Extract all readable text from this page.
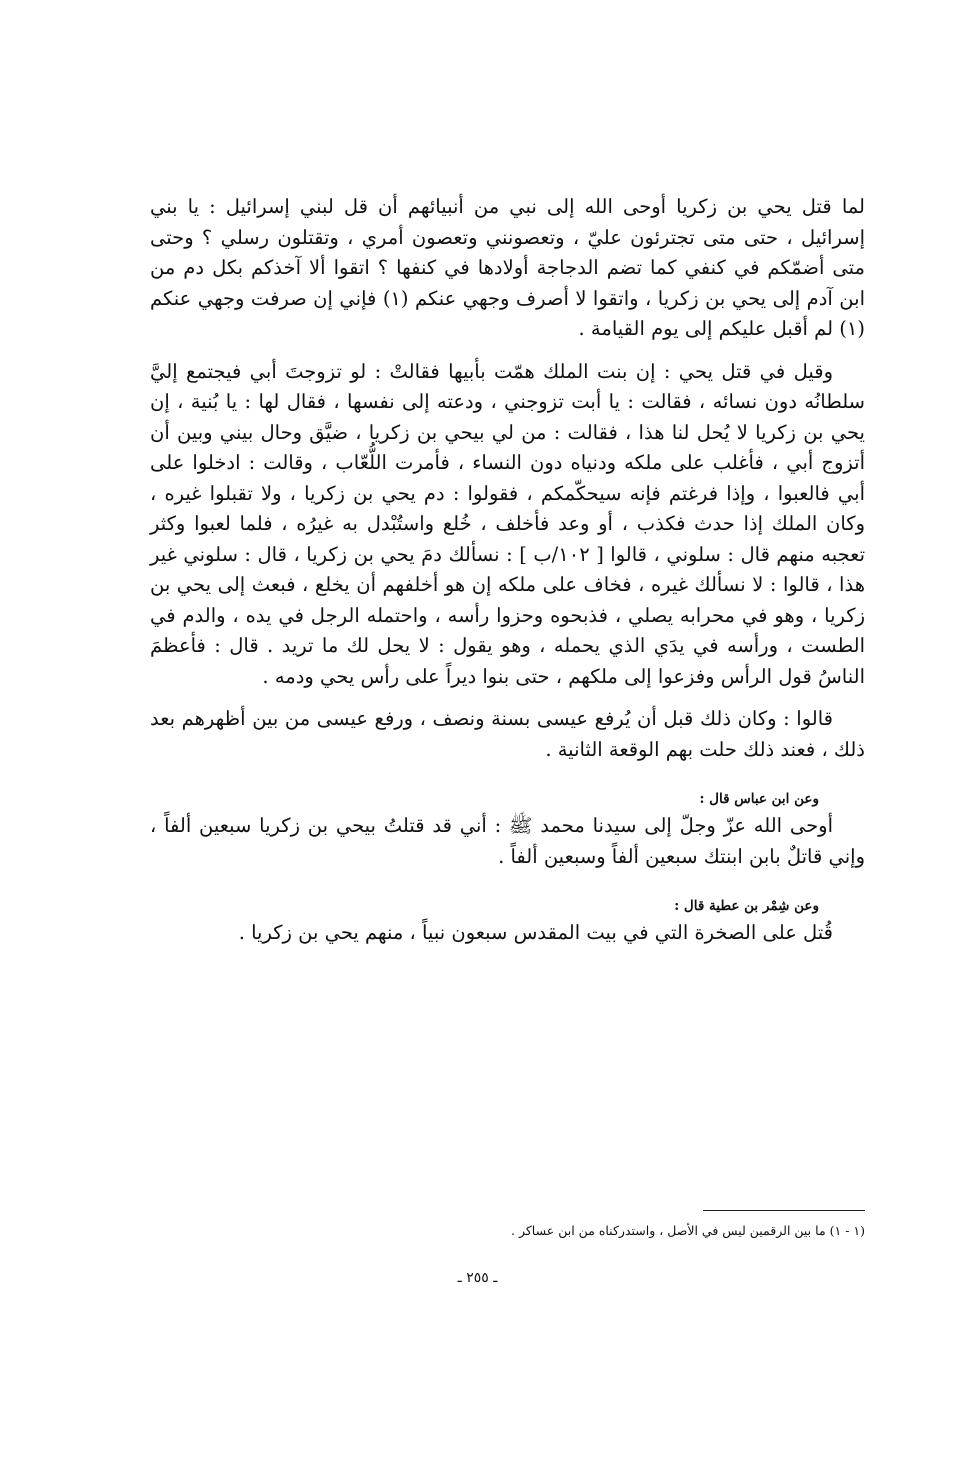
لما قتل يحي بن زكريا أوحى الله إلى نبي من أنبيائهم أن قل لبني إسرائيل : يا بني إسرائيل ، حتى متى تجترئون عليّ ، وتعصونني وتعصون أمري ، وتقتلون رسلي ؟ وحتى متى أضمّكم في كنفي كما تضم الدجاجة أولادها في كنفها ؟ اتقوا ألا آخذكم بكل دم من ابن آدم إلى يحي بن زكريا ، واتقوا لا أصرف وجهي عنكم (١) فإني إن صرفت وجهي عنكم (١) لم أقبل عليكم إلى يوم القيامة .

وقيل في قتل يحي : إن بنت الملك همّت بأبيها فقالتْ : لو تزوجتَ أبي فيجتمع إليَّ سلطانُه دون نسائه ، فقالت : يا أبت تزوجني ، ودعته إلى نفسها ، فقال لها : يا بُنية ، إن يحي بن زكريا لا يُحل لنا هذا ، فقالت : من لي بيحي بن زكريا ، ضيَّق وحال بيني وبين أن أتزوج أبي ، فأغلب على ملكه ودنياه دون النساء ، فأمرت اللُّعّاب ، وقالت : ادخلوا على أبي فالعبوا ، وإذا فرغتم فإنه سيحكّمكم ، فقولوا : دم يحي بن زكريا ، ولا تقبلوا غيره ، وكان الملك إذا حدث فكذب ، أو وعد فأخلف ، خُلع واستُبْدل به غيرُه ، فلما لعبوا وكثر تعجبه منهم قال : سلوني ، قالوا [ ١٠٢/ب ] : نسألك دمَ يحي بن زكريا ، قال : سلوني غير هذا ، قالوا : لا نسألك غيره ، فخاف على ملكه إن هو أخلفهم أن يخلع ، فبعث إلى يحي بن زكريا ، وهو في محرابه يصلي ، فذبحوه وحزوا رأسه ، واحتمله الرجل في يده ، والدم في الطست ، ورأسه في يدَي الذي يحمله ، وهو يقول : لا يحل لك ما تريد . قال : فأعظمَ الناسُ قول الرأس وفزعوا إلى ملكهم ، حتى بنوا ديراً على رأس يحي ودمه .

قالوا : وكان ذلك قبل أن يُرفع عيسى بسنة ونصف ، ورفع عيسى من بين أظهرهم بعد ذلك ، فعند ذلك حلت بهم الوقعة الثانية .

وعن ابن عباس قال :

أوحى الله عزّ وجلّ إلى سيدنا محمد ﷺ : أني قد قتلتُ بيحي بن زكريا سبعين ألفاً ، وإني قاتلٌ بابن ابنتك سبعين ألفاً وسبعين ألفاً .

وعن شِمْر بن عطية قال :

قُتل على الصخرة التي في بيت المقدس سبعون نبياً ، منهم يحي بن زكريا .

(١ - ١) ما بين الرقمين ليس في الأصل ، واستدركناه من ابن عساكر .
ـ ٢٥٥ ـ
